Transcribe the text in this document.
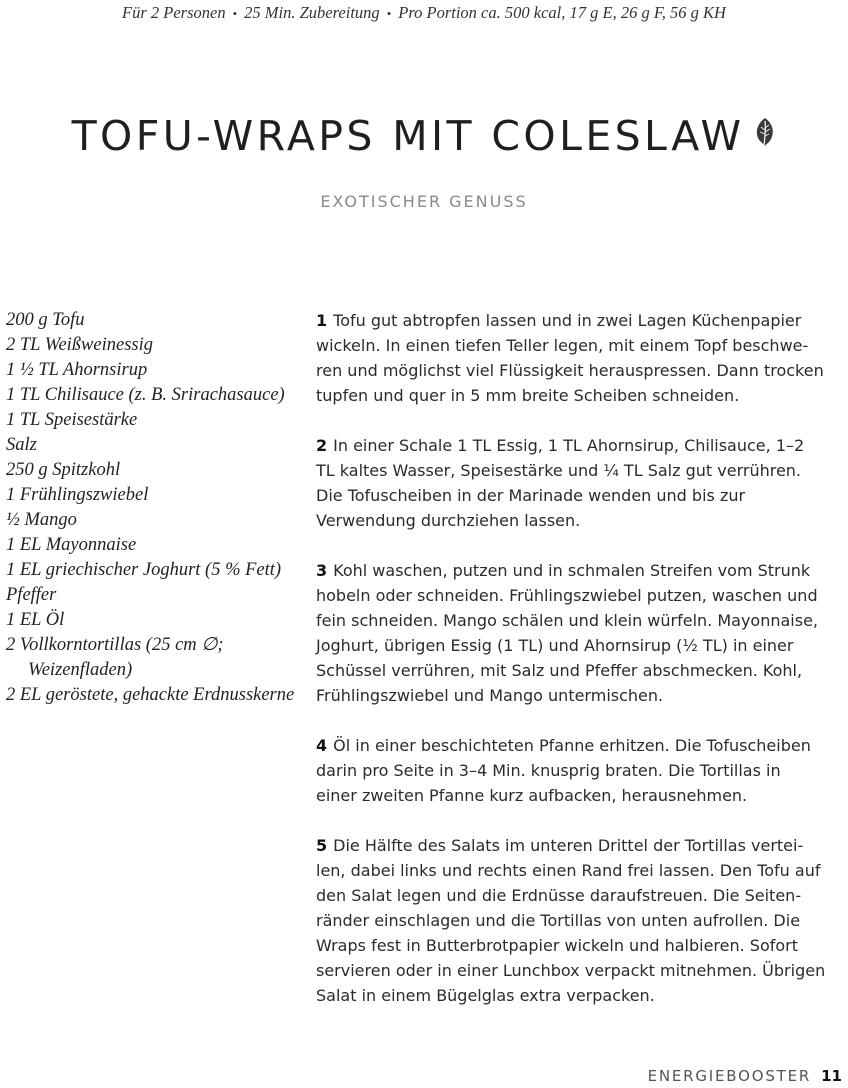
Für 2 Personen • 25 Min. Zubereitung • Pro Portion ca. 500 kcal, 17 g E, 26 g F, 56 g KH
TOFU-WRAPS MIT COLESLAW
EXOTISCHER GENUSS
200 g Tofu
2 TL Weißweinessig
1 ½ TL Ahornsirup
1 TL Chilisauce (z. B. Srirachasauce)
1 TL Speisestärke
Salz
250 g Spitzkohl
1 Frühlingszwiebel
½ Mango
1 EL Mayonnaise
1 EL griechischer Joghurt (5 % Fett)
Pfeffer
1 EL Öl
2 Vollkorntortillas (25 cm ∅; Weizenfladen)
2 EL geröstete, gehackte Erdnusskerne

1 Tofu gut abtropfen lassen und in zwei Lagen Küchenpapier wickeln. In einen tiefen Teller legen, mit einem Topf beschweren und möglichst viel Flüssigkeit herauspressen. Dann trocken tupfen und quer in 5 mm breite Scheiben schneiden.

2 In einer Schale 1 TL Essig, 1 TL Ahornsirup, Chilisauce, 1–2 TL kaltes Wasser, Speisestärke und ¼ TL Salz gut verrühren. Die Tofuscheiben in der Marinade wenden und bis zur Verwendung durchziehen lassen.

3 Kohl waschen, putzen und in schmalen Streifen vom Strunk hobeln oder schneiden. Frühlingszwiebel putzen, waschen und fein schneiden. Mango schälen und klein würfeln. Mayonnaise, Joghurt, übrigen Essig (1 TL) und Ahornsirup (½ TL) in einer Schüssel verrühren, mit Salz und Pfeffer abschmecken. Kohl, Frühlingszwiebel und Mango untermischen.

4 Öl in einer beschichteten Pfanne erhitzen. Die Tofuscheiben darin pro Seite in 3–4 Min. knusprig braten. Die Tortillas in einer zweiten Pfanne kurz aufbacken, herausnehmen.

5 Die Hälfte des Salats im unteren Drittel der Tortillas verteilen, dabei links und rechts einen Rand frei lassen. Den Tofu auf den Salat legen und die Erdnüsse daraufstreuen. Die Seitenränder einschlagen und die Tortillas von unten aufrollen. Die Wraps fest in Butterbrotpapier wickeln und halbieren. Sofort servieren oder in einer Lunchbox verpackt mitnehmen. Übrigen Salat in einem Bügelglas extra verpacken.

ENERGIEBOOSTER 11
